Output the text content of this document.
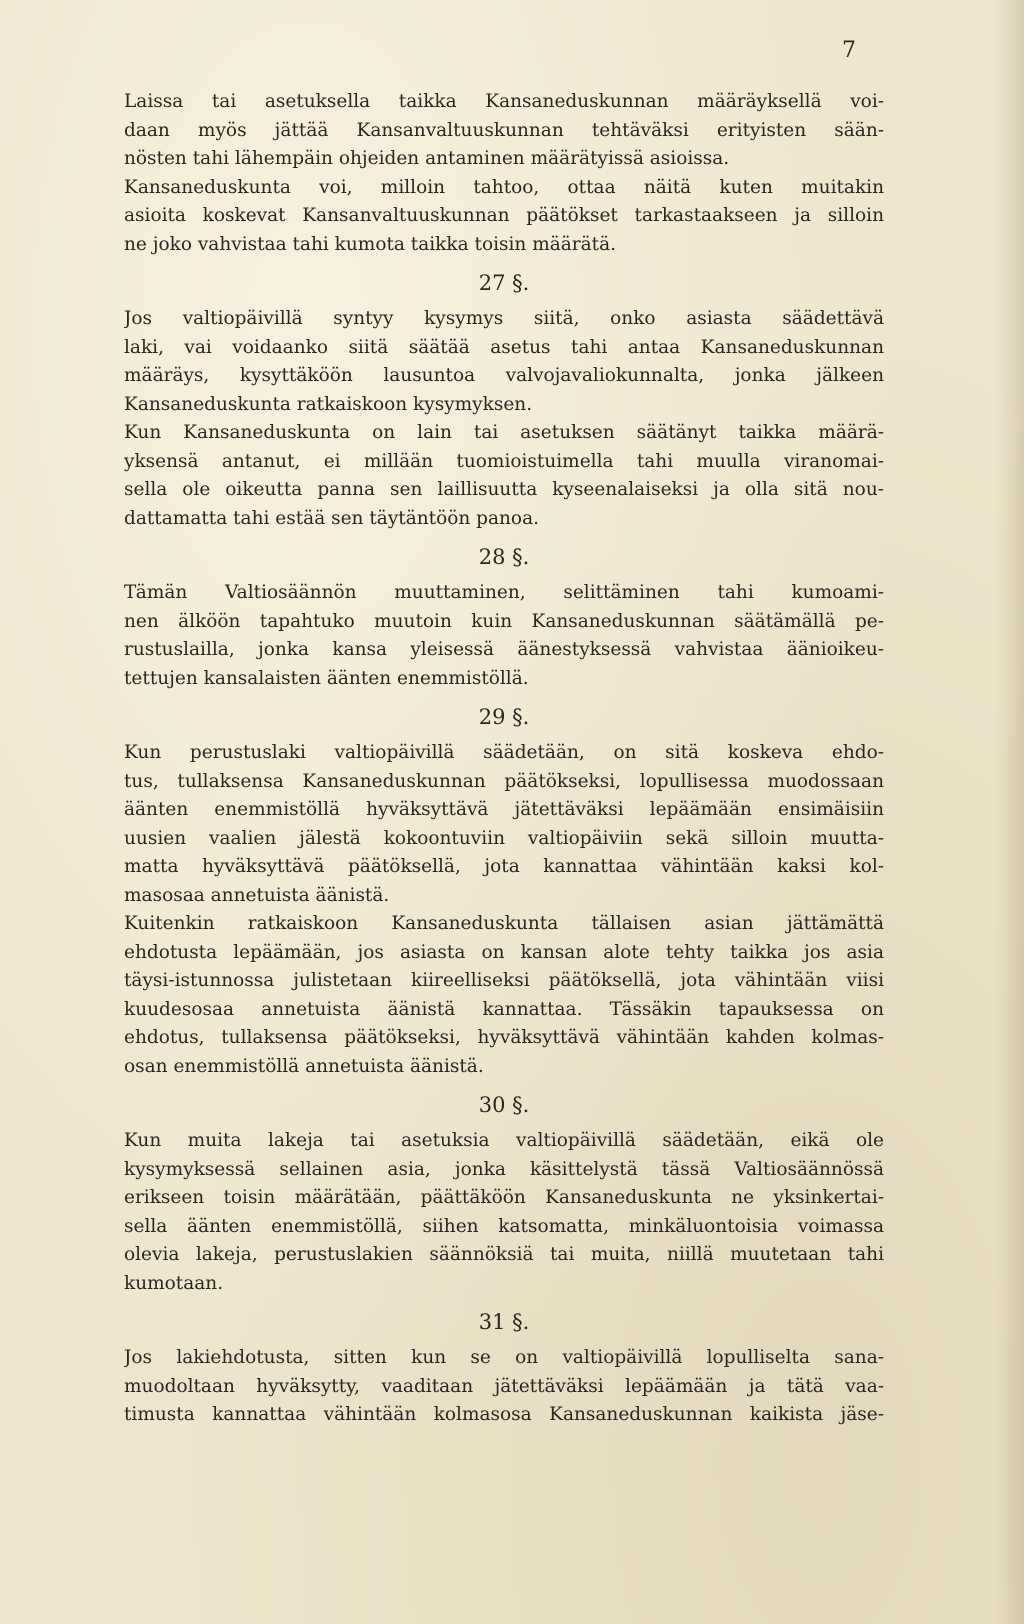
7
Laissa tai asetuksella taikka Kansaneduskunnan määräyksellä voi-
daan myös jättää Kansanvaltuuskunnan tehtäväksi erityisten sään-
nösten tahi lähempäin ohjeiden antaminen määrätyissä asioissa.
Kansaneduskunta voi, milloin tahtoo, ottaa näitä kuten muitakin
asioita koskevat Kansanvaltuuskunnan päätökset tarkastaakseen ja silloin
ne joko vahvistaa tahi kumota taikka toisin määrätä.
27 §.
Jos valtiopäivillä syntyy kysymys siitä, onko asiasta säädettävä
laki, vai voidaanko siitä säätää asetus tahi antaa Kansaneduskunnan
määräys, kysyttäköön lausuntoa valvojavaliokunnalta, jonka jälkeen
Kansaneduskunta ratkaiskoon kysymyksen.
Kun Kansaneduskunta on lain tai asetuksen säätänyt taikka määrä-
yksensä antanut, ei millään tuomioistuimella tahi muulla viranomai-
sella ole oikeutta panna sen laillisuutta kyseenalaiseksi ja olla sitä nou-
dattamatta tahi estää sen täytäntöön panoa.
28 §.
Tämän Valtiosäännön muuttaminen, selittäminen tahi kumoami-
nen älköön tapahtuko muutoin kuin Kansaneduskunnan säätämällä pe-
rustuslailla, jonka kansa yleisessä äänestyksessä vahvistaa äänioikeu-
tettujen kansalaisten äänten enemmistöllä.
29 §.
Kun perustuslaki valtiopäivillä säädetään, on sitä koskeva ehdo-
tus, tullaksensa Kansaneduskunnan päätökseksi, lopullisessa muodossaan
äänten enemmistöllä hyväksyttävä jätettäväksi lepäämään ensimäisiin
uusien vaalien jälestä kokoontuviin valtiopäiviin sekä silloin muutta-
matta hyväksyttävä päätöksellä, jota kannattaa vähintään kaksi kol-
masosaa annetuista äänistä.
Kuitenkin ratkaiskoon Kansaneduskunta tällaisen asian jättämättä
ehdotusta lepäämään, jos asiasta on kansan alote tehty taikka jos asia
täysi-istunnossa julistetaan kiireelliseksi päätöksellä, jota vähintään viisi
kuudesosaa annetuista äänistä kannattaa. Tässäkin tapauksessa on
ehdotus, tullaksensa päätökseksi, hyväksyttävä vähintään kahden kolmas-
osan enemmistöllä annetuista äänistä.
30 §.
Kun muita lakeja tai asetuksia valtiopäivillä säädetään, eikä ole
kysymyksessä sellainen asia, jonka käsittelystä tässä Valtiosäännössä
erikseen toisin määrätään, päättäköön Kansaneduskunta ne yksinkertai-
sella äänten enemmistöllä, siihen katsomatta, minkäluontoisia voimassa
olevia lakeja, perustuslakien säännöksiä tai muita, niillä muutetaan tahi
kumotaan.
31 §.
Jos lakiehdotusta, sitten kun se on valtiopäivillä lopulliselta sana-
muodoltaan hyväksytty, vaaditaan jätettäväksi lepäämään ja tätä vaa-
timusta kannattaa vähintään kolmasosa Kansaneduskunnan kaikista jäse-
